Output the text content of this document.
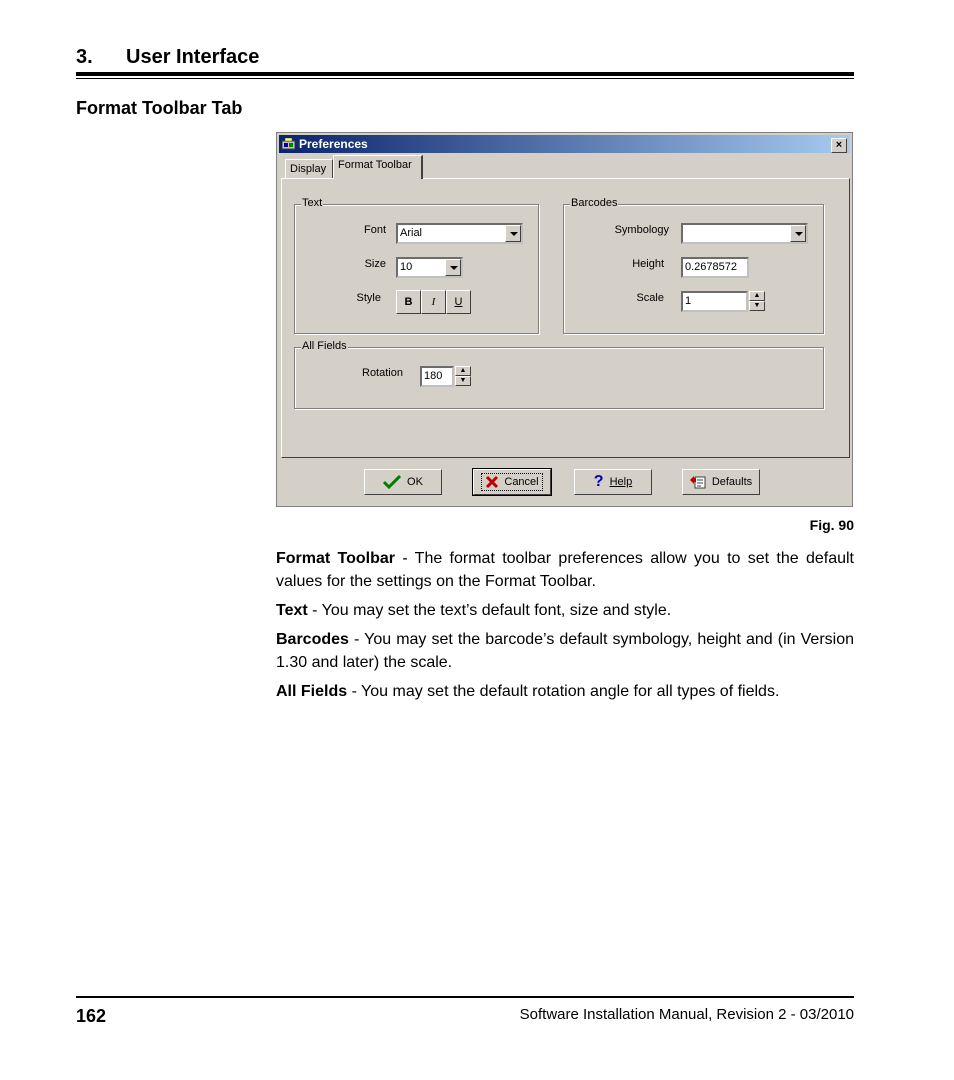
3. User Interface
Format Toolbar Tab
Preferences	×
Display	Format Toolbar
Text
Font	Arial
Size	10
Style	B	I	U
Barcodes
Symbology
Height	0.2678572
Scale	1	▲
▼
All Fields
Rotation	180	▲
▼
OK	Cancel	? Help	Defaults
Fig. 90
Format Toolbar - The format toolbar preferences allow you to set the default values for the settings on the Format Toolbar.
Text - You may set the text’s default font, size and style.
Barcodes - You may set the barcode’s default symbology, height and (in Version 1.30 and later) the scale.
All Fields - You may set the default rotation angle for all types of fields.
162	Software Installation Manual, Revision 2 - 03/2010
